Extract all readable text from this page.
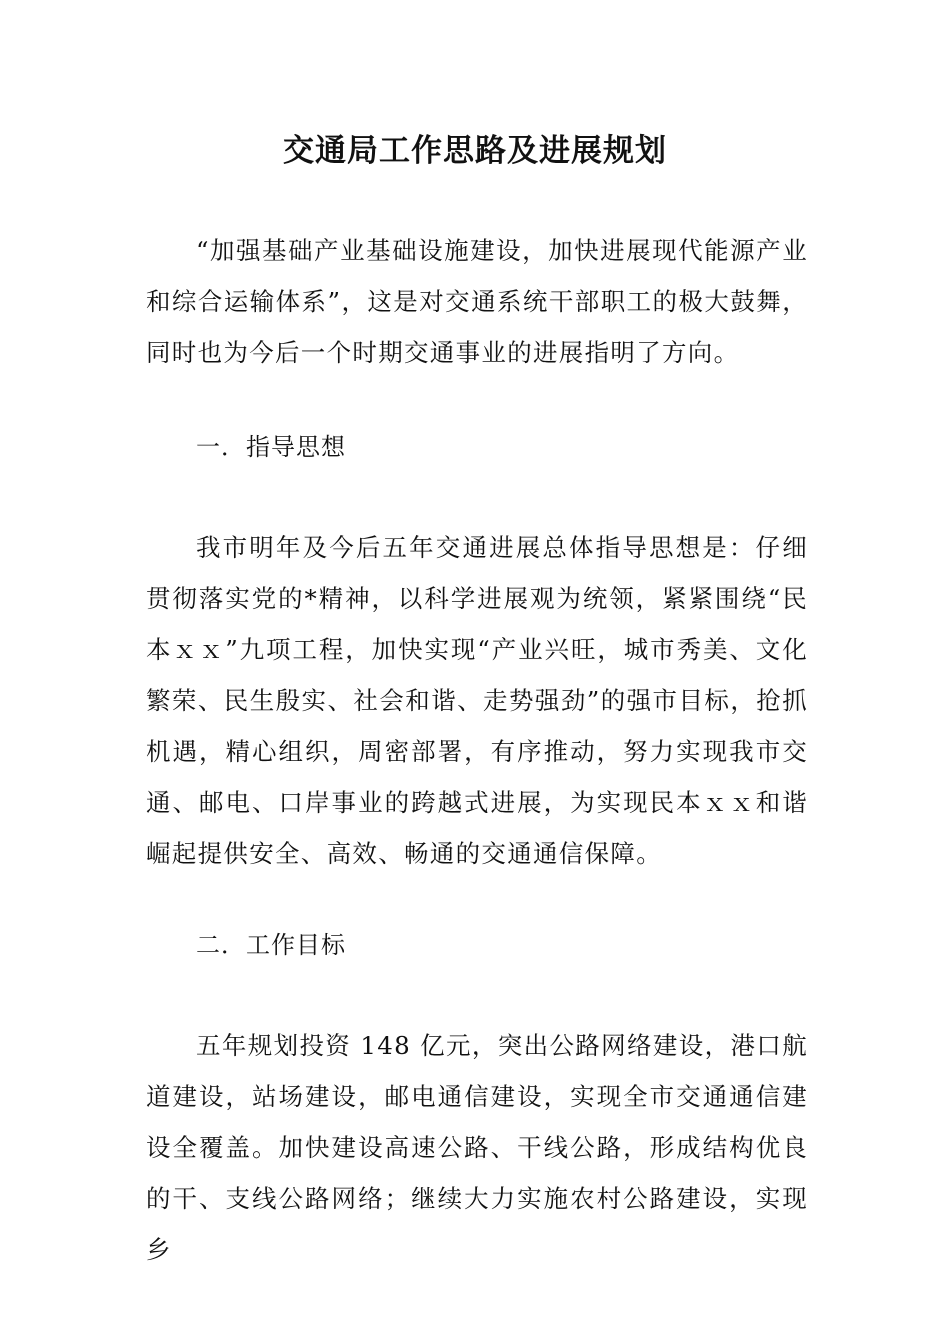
交通局工作思路及进展规划

“加强基础产业基础设施建设，加快进展现代能源产业和综合运输体系”，这是对交通系统干部职工的极大鼓舞，同时也为今后一个时期交通事业的进展指明了方向。

一．指导思想

我市明年及今后五年交通进展总体指导思想是：仔细贯彻落实党的*精神，以科学进展观为统领，紧紧围绕“民本ｘｘ”九项工程，加快实现“产业兴旺，城市秀美、文化繁荣、民生殷实、社会和谐、走势强劲”的强市目标，抢抓机遇，精心组织，周密部署，有序推动，努力实现我市交通、邮电、口岸事业的跨越式进展，为实现民本ｘｘ和谐崛起提供安全、高效、畅通的交通通信保障。

二．工作目标

五年规划投资 148 亿元，突出公路网络建设，港口航道建设，站场建设，邮电通信建设，实现全市交通通信建设全覆盖。加快建设高速公路、干线公路，形成结构优良的干、支线公路网络；继续大力实施农村公路建设，实现乡
